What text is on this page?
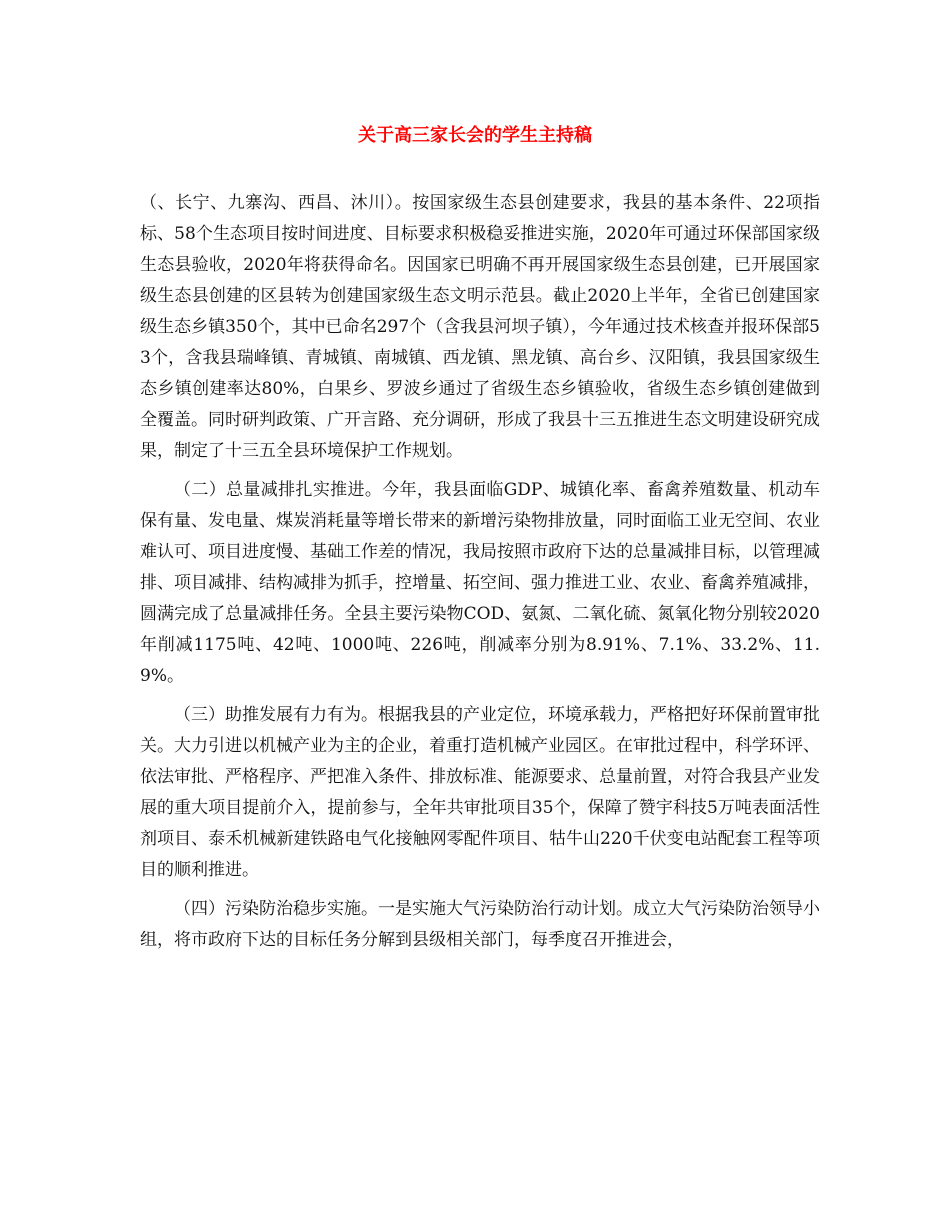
关于高三家长会的学生主持稿

（、长宁、九寨沟、西昌、沐川）。按国家级生态县创建要求，我县的基本条件、22项指标、58个生态项目按时间进度、目标要求积极稳妥推进实施，2020年可通过环保部国家级生态县验收，2020年将获得命名。因国家已明确不再开展国家级生态县创建，已开展国家级生态县创建的区县转为创建国家级生态文明示范县。截止2020上半年，全省已创建国家级生态乡镇350个，其中已命名297个（含我县河坝子镇），今年通过技术核查并报环保部53个，含我县瑞峰镇、青城镇、南城镇、西龙镇、黑龙镇、高台乡、汉阳镇，我县国家级生态乡镇创建率达80%，白果乡、罗波乡通过了省级生态乡镇验收，省级生态乡镇创建做到全覆盖。同时研判政策、广开言路、充分调研，形成了我县十三五推进生态文明建设研究成果，制定了十三五全县环境保护工作规划。

（二）总量减排扎实推进。今年，我县面临GDP、城镇化率、畜禽养殖数量、机动车保有量、发电量、煤炭消耗量等增长带来的新增污染物排放量，同时面临工业无空间、农业难认可、项目进度慢、基础工作差的情况，我局按照市政府下达的总量减排目标，以管理减排、项目减排、结构减排为抓手，控增量、拓空间、强力推进工业、农业、畜禽养殖减排，圆满完成了总量减排任务。全县主要污染物COD、氨氮、二氧化硫、氮氧化物分别较2020年削减1175吨、42吨、1000吨、226吨，削减率分别为8.91%、7.1%、33.2%、11.9%。

（三）助推发展有力有为。根据我县的产业定位，环境承载力，严格把好环保前置审批关。大力引进以机械产业为主的企业，着重打造机械产业园区。在审批过程中，科学环评、依法审批、严格程序、严把准入条件、排放标准、能源要求、总量前置，对符合我县产业发展的重大项目提前介入，提前参与，全年共审批项目35个，保障了赞宇科技5万吨表面活性剂项目、泰禾机械新建铁路电气化接触网零配件项目、牯牛山220千伏变电站配套工程等项目的顺利推进。

（四）污染防治稳步实施。一是实施大气污染防治行动计划。成立大气污染防治领导小组，将市政府下达的目标任务分解到县级相关部门，每季度召开推进会，
